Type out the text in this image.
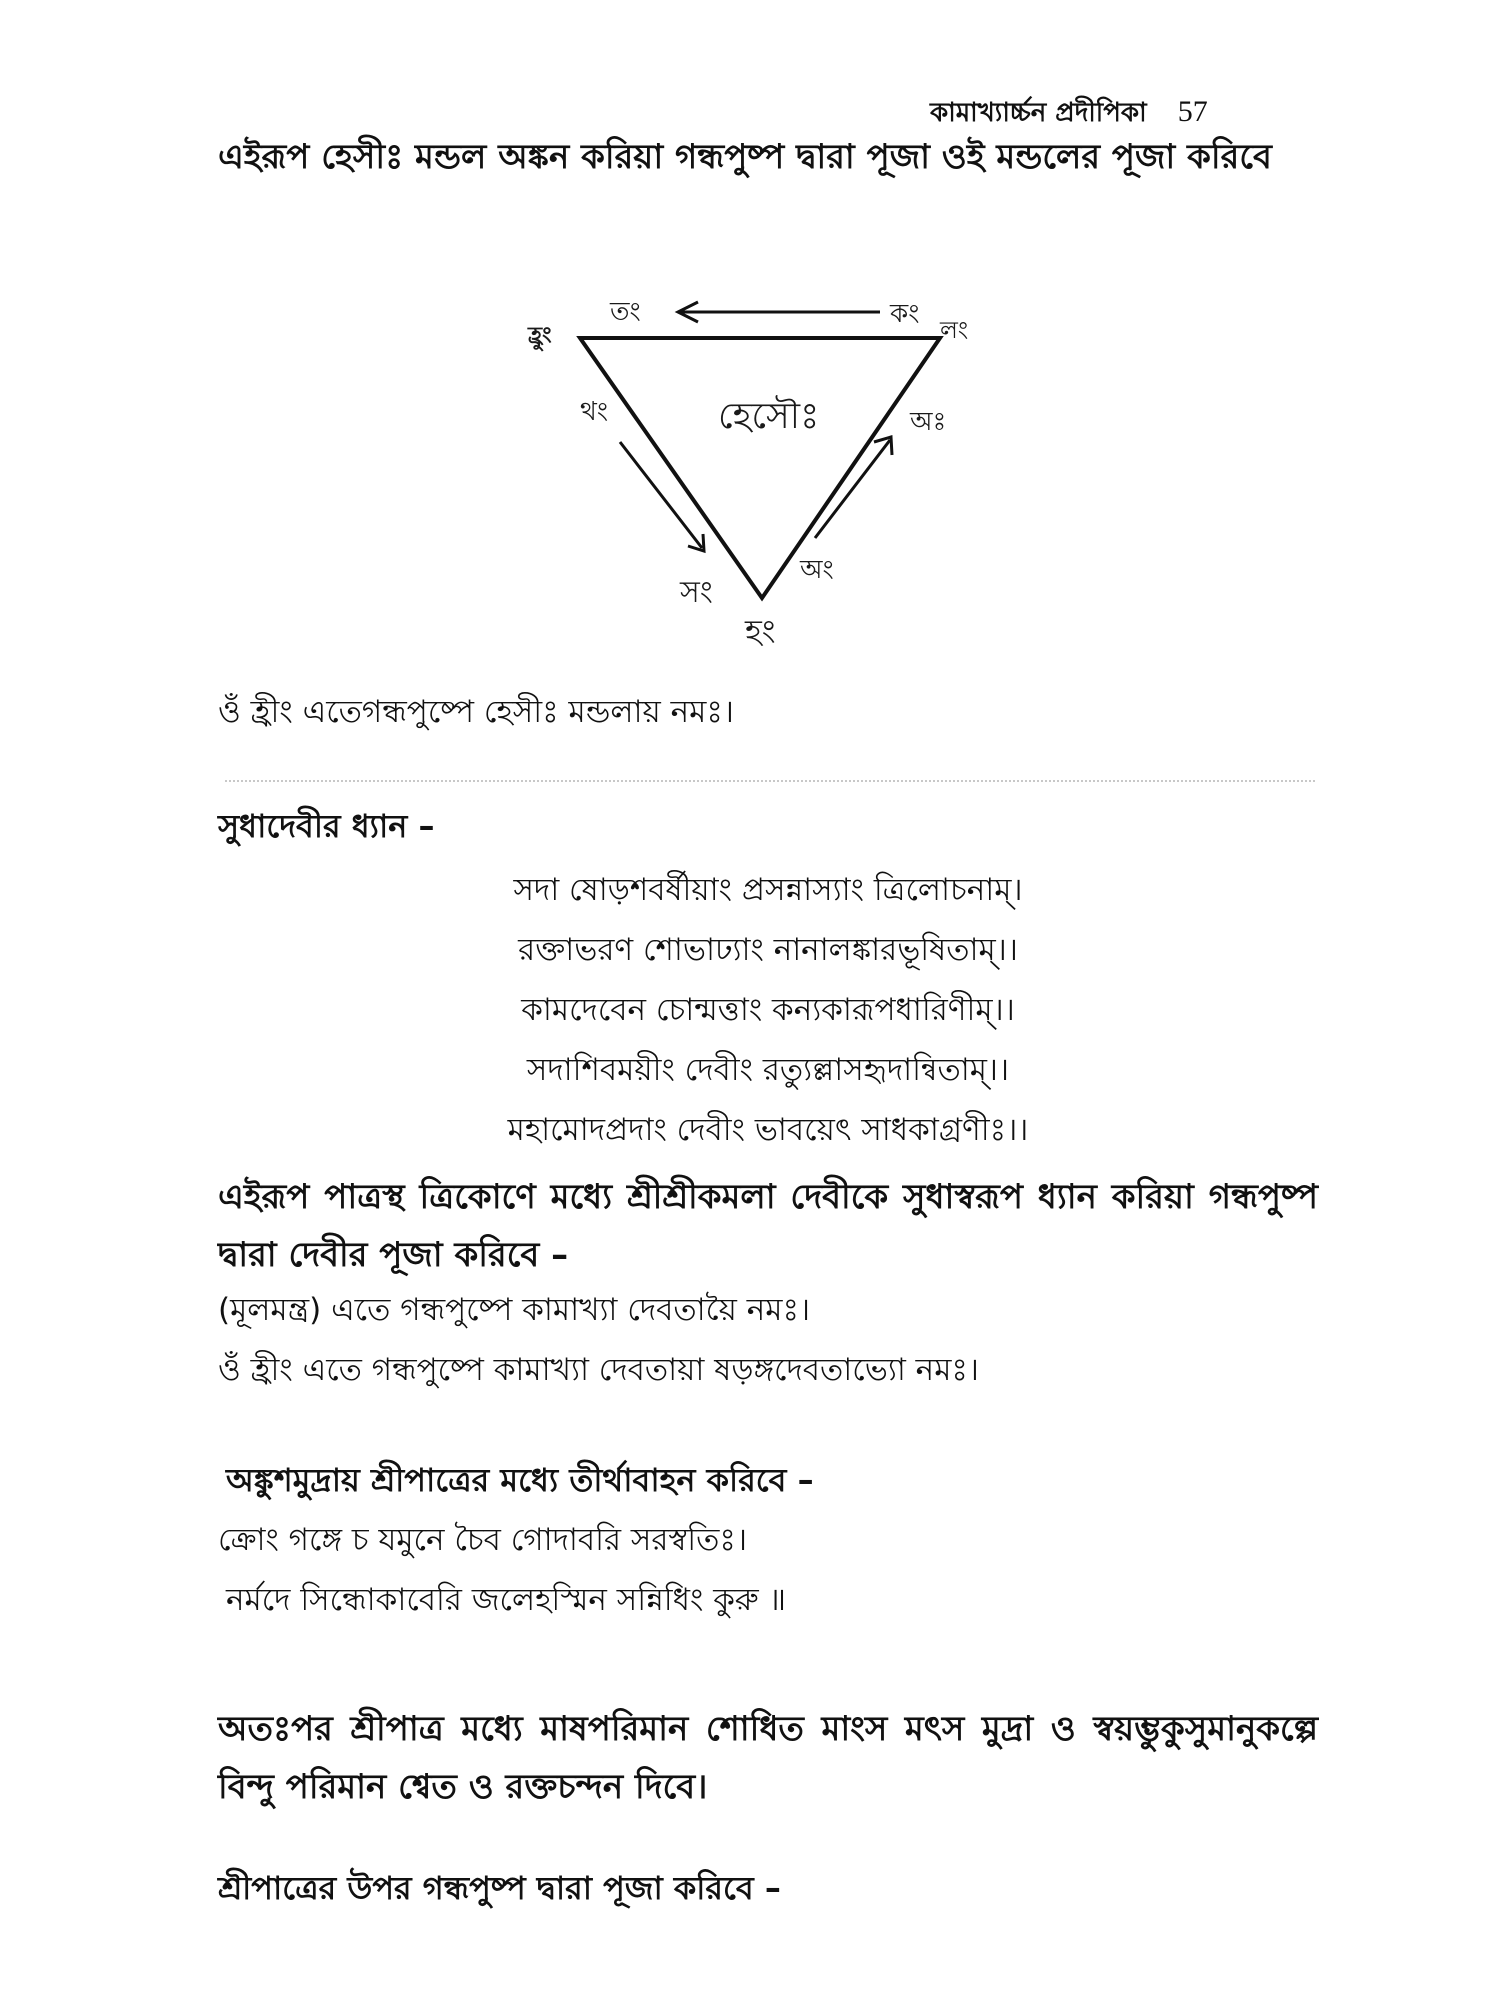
কামাখ্যার্চ্চন প্রদীপিকা 57
এইরূপ হেসীঃ মন্ডল অঙ্কন করিয়া গন্ধপুষ্প দ্বারা পূজা ওই মন্ডলের পূজা করিবে
হেসৌঃ
হ্রুং
তং	কং
লং
থং	অঃ
সং
অং
হং
ওঁ হ্রীং এতেগন্ধপুষ্পে হেসীঃ মন্ডলায় নমঃ।
সুধাদেবীর ধ্যান –
সদা ষোড়শবর্ষীয়াং প্রসন্নাস্যাং ত্রিলোচনাম্।
রক্তাভরণ শোভাঢ্যাং নানালঙ্কারভূষিতাম্।।
কামদেবেন চোন্মত্তাং কন্যকারূপধারিণীম্।।
সদাশিবময়ীং দেবীং রত্যুল্লাসহৃদান্বিতাম্।।
মহামোদপ্রদাং দেবীং ভাবয়েৎ সাধকাগ্রণীঃ।।
এইরূপ পাত্রস্থ ত্রিকোণে মধ্যে শ্রীশ্রীকমলা দেবীকে সুধাস্বরূপ ধ্যান করিয়া গন্ধপুষ্প দ্বারা দেবীর পূজা করিবে –
(মূলমন্ত্র) এতে গন্ধপুষ্পে কামাখ্যা দেবতায়ৈ নমঃ।
ওঁ হ্রীং এতে গন্ধপুষ্পে কামাখ্যা দেবতায়া ষড়ঙ্গদেবতাভ্যো নমঃ।
অঙ্কুশমুদ্রায় শ্রীপাত্রের মধ্যে তীর্থাবাহন করিবে –
ক্রোং গঙ্গে চ যমুনে চৈব গোদাবরি সরস্বতিঃ।
নর্মদে সিন্ধোকাবেরি জলেহস্মিন সন্নিধিং কুরু ॥
অতঃপর শ্রীপাত্র মধ্যে মাষপরিমান শোধিত মাংস মৎস মুদ্রা ও স্বয়ম্ভুকুসুমানুকল্পে বিন্দু পরিমান শ্বেত ও রক্তচন্দন দিবে।
শ্রীপাত্রের উপর গন্ধপুষ্প দ্বারা পূজা করিবে –
